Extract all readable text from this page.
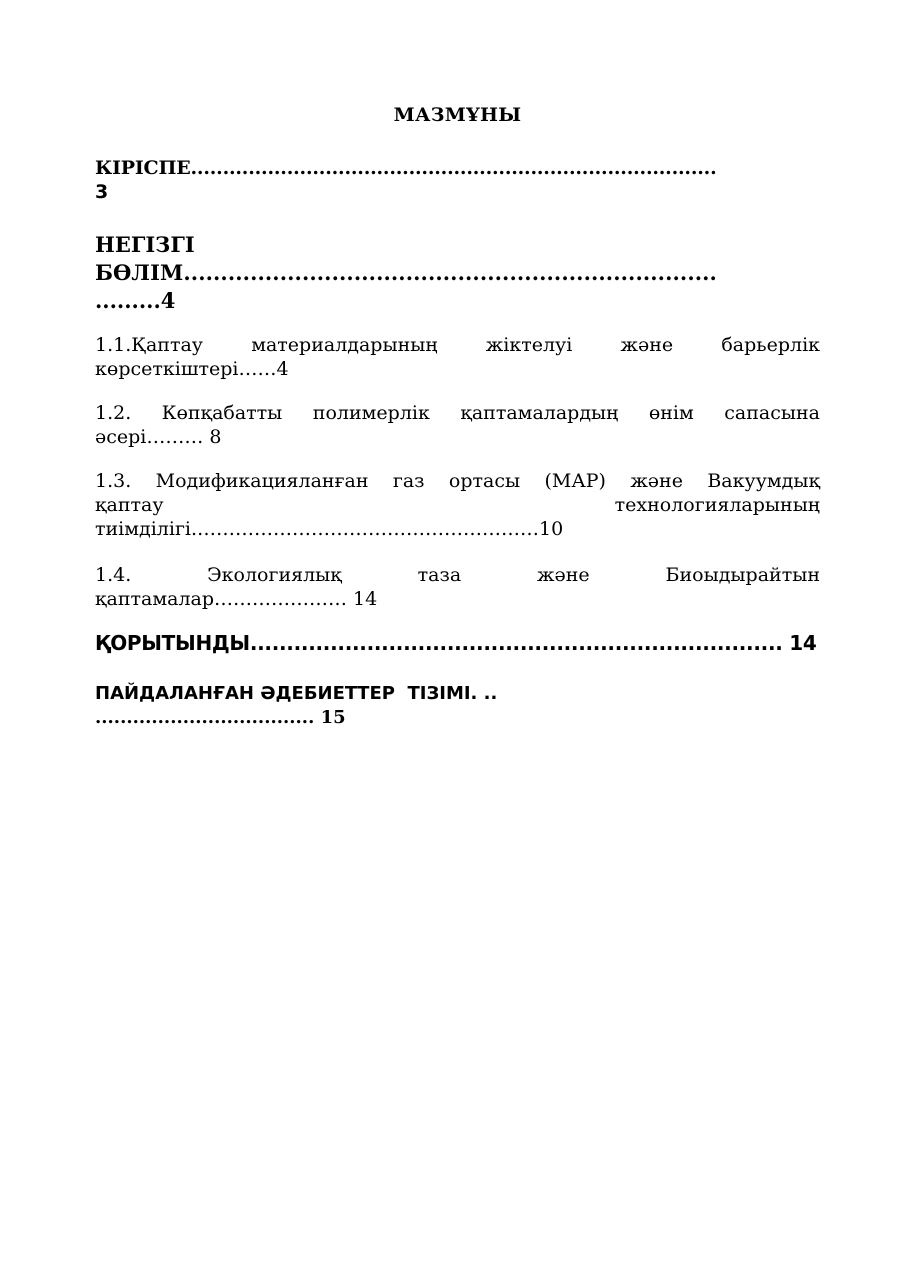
МАЗМҰНЫ
КІРІСПЕ..................................................................................
3
НЕГІЗГІ
БӨЛІМ........................................................................
.........4
1.1.Қаптау	материалдарының	жіктелуі	және	барьерлік
көрсеткіштері……4
1.2. Көпқабатты полимерлік қаптамалардың өнім сапасына
әсері……… 8
1.3. Модификацияланған газ ортасы (МАР) және Вакуумдық
қаптау	технологияларының
тиімділігі.………………………………………………10
1.4.	Экологиялық	таза	және	Биоыдырайтын
қаптамалар………………… 14
ҚОРЫТЫНДЫ......................................................................... 14
ПАЙДАЛАНҒАН ӘДЕБИЕТТЕР  ТІЗІМІ. ..
................................... 15
